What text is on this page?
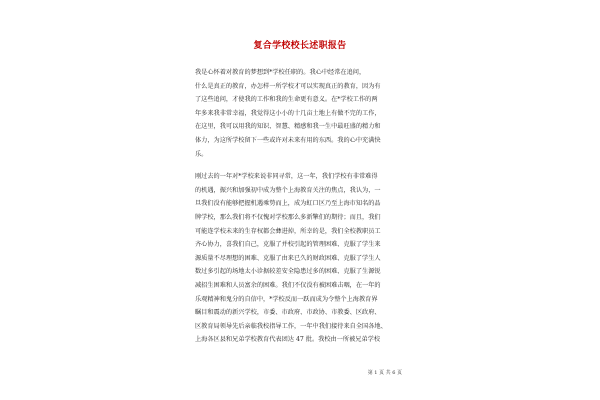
复合学校校长述职报告
我是心怀着对教育的梦想到*学校任职的。我心中经常在追问，
什么是真正的教育，办怎样一所学校才可以实现真正的教育，因为有
了这些追问，才使我的工作和我的生命更有意义。在*学校工作的两
年多来我非常幸福，我觉得这小小的十几亩土地上有做不完的工作，
在这里，我可以用我的知识、智慧、精感和我一生中最旺盛的精力和
体力，为这所学校留下一些或许对未来有用的东西。我的心中充满快
乐。
刚过去的一年对*学校来说非同寻常，这一年，我们学校有非常难得
的机遇，振兴和加强初中成为整个上海教育关注的焦点，我认为，一
旦我们没有能够把握机遇乘势而上，成为虹口区乃至上海市知名的品
牌学校，那么我们将不仅愧对学校那么多新擎们的期待；而且，我们
可能连学校未来的生存权都会彝进掉，所幸的是，我们全校教职员工
齐心协力，喜我们自己，克服了并校引起的管理困难、克服了学生来
源质量不尽理想的困难、克服了由来已久的财政困难、克服了学生人
数过多引起的场地太小诊据较差安全隐患过多的困难、克服了生源锐
减招生困难和人员富余的困难。我们不仅没有被困难击咽，在一年的
乐观精神和鬼分的自信中，*学校反而一跃而成为令整个上海教育界
瞩目和震动的新兴学校，市委、市政府、市政协、市教委、区政府、
区教育局领导先后亲临我校指导工作，一年中我们接待来自全国各地、
上海各区县和兄弟学校教育代表团达 47 批。我校由一所被兄弟学校
第 1 页 共 6 页
